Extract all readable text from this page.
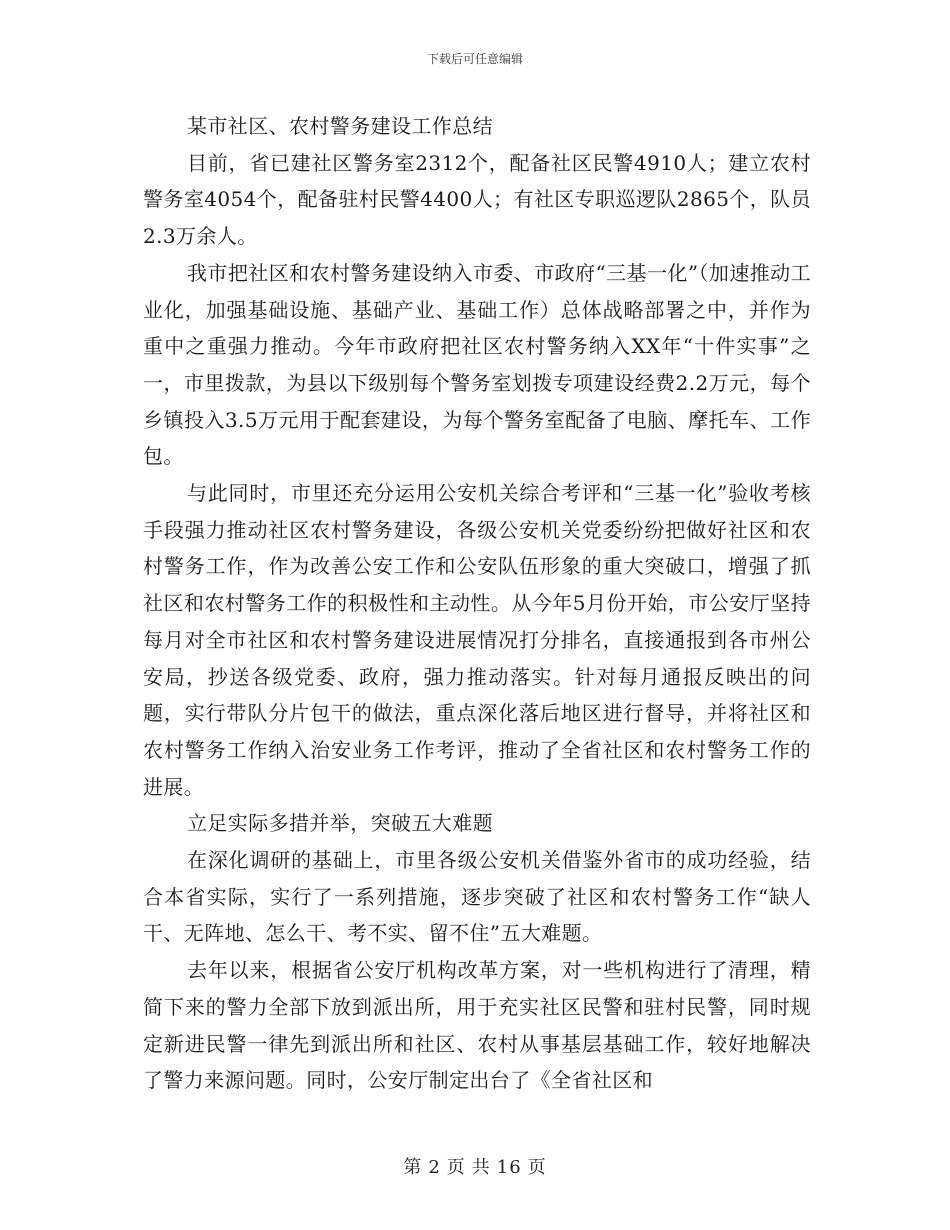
下载后可任意编辑

某市社区、农村警务建设工作总结

目前，省已建社区警务室2312个，配备社区民警4910人；建立农村警务室4054个，配备驻村民警4400人；有社区专职巡逻队2865个，队员2.3万余人。

我市把社区和农村警务建设纳入市委、市政府“三基一化”（加速推动工业化，加强基础设施、基础产业、基础工作）总体战略部署之中，并作为重中之重强力推动。今年市政府把社区农村警务纳入XX年“十件实事”之一，市里拨款，为县以下级别每个警务室划拨专项建设经费2.2万元，每个乡镇投入3.5万元用于配套建设，为每个警务室配备了电脑、摩托车、工作包。

与此同时，市里还充分运用公安机关综合考评和“三基一化”验收考核手段强力推动社区农村警务建设，各级公安机关党委纷纷把做好社区和农村警务工作，作为改善公安工作和公安队伍形象的重大突破口，增强了抓社区和农村警务工作的积极性和主动性。从今年5月份开始，市公安厅坚持每月对全市社区和农村警务建设进展情况打分排名，直接通报到各市州公安局，抄送各级党委、政府，强力推动落实。针对每月通报反映出的问题，实行带队分片包干的做法，重点深化落后地区进行督导，并将社区和农村警务工作纳入治安业务工作考评，推动了全省社区和农村警务工作的进展。

立足实际多措并举，突破五大难题

在深化调研的基础上，市里各级公安机关借鉴外省市的成功经验，结合本省实际，实行了一系列措施，逐步突破了社区和农村警务工作“缺人干、无阵地、怎么干、考不实、留不住”五大难题。

去年以来，根据省公安厅机构改革方案，对一些机构进行了清理，精简下来的警力全部下放到派出所，用于充实社区民警和驻村民警，同时规定新进民警一律先到派出所和社区、农村从事基层基础工作，较好地解决了警力来源问题。同时，公安厅制定出台了《全省社区和

第 2 页 共 16 页
